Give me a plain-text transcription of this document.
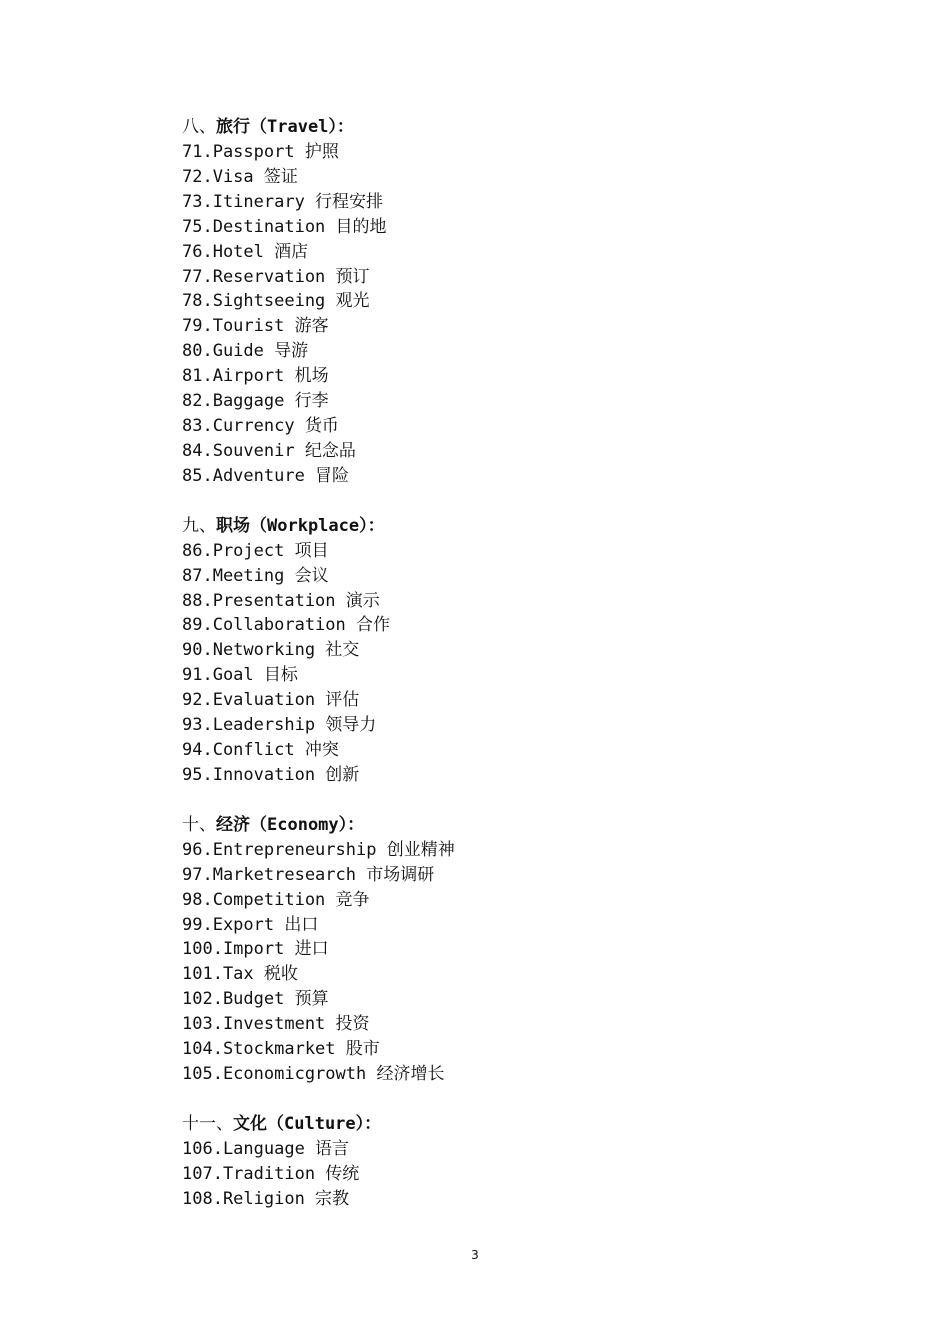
八、旅行（Travel）：
71.Passport 护照
72.Visa 签证
73.Itinerary 行程安排
75.Destination 目的地
76.Hotel 酒店
77.Reservation 预订
78.Sightseeing 观光
79.Tourist 游客
80.Guide 导游
81.Airport 机场
82.Baggage 行李
83.Currency 货币
84.Souvenir 纪念品
85.Adventure 冒险
九、职场（Workplace）：
86.Project 项目
87.Meeting 会议
88.Presentation 演示
89.Collaboration 合作
90.Networking 社交
91.Goal 目标
92.Evaluation 评估
93.Leadership 领导力
94.Conflict 冲突
95.Innovation 创新
十、经济（Economy）：
96.Entrepreneurship 创业精神
97.Marketresearch 市场调研
98.Competition 竞争
99.Export 出口
100.Import 进口
101.Tax 税收
102.Budget 预算
103.Investment 投资
104.Stockmarket 股市
105.Economicgrowth 经济增长
十一、文化（Culture）：
106.Language 语言
107.Tradition 传统
108.Religion 宗教
3
